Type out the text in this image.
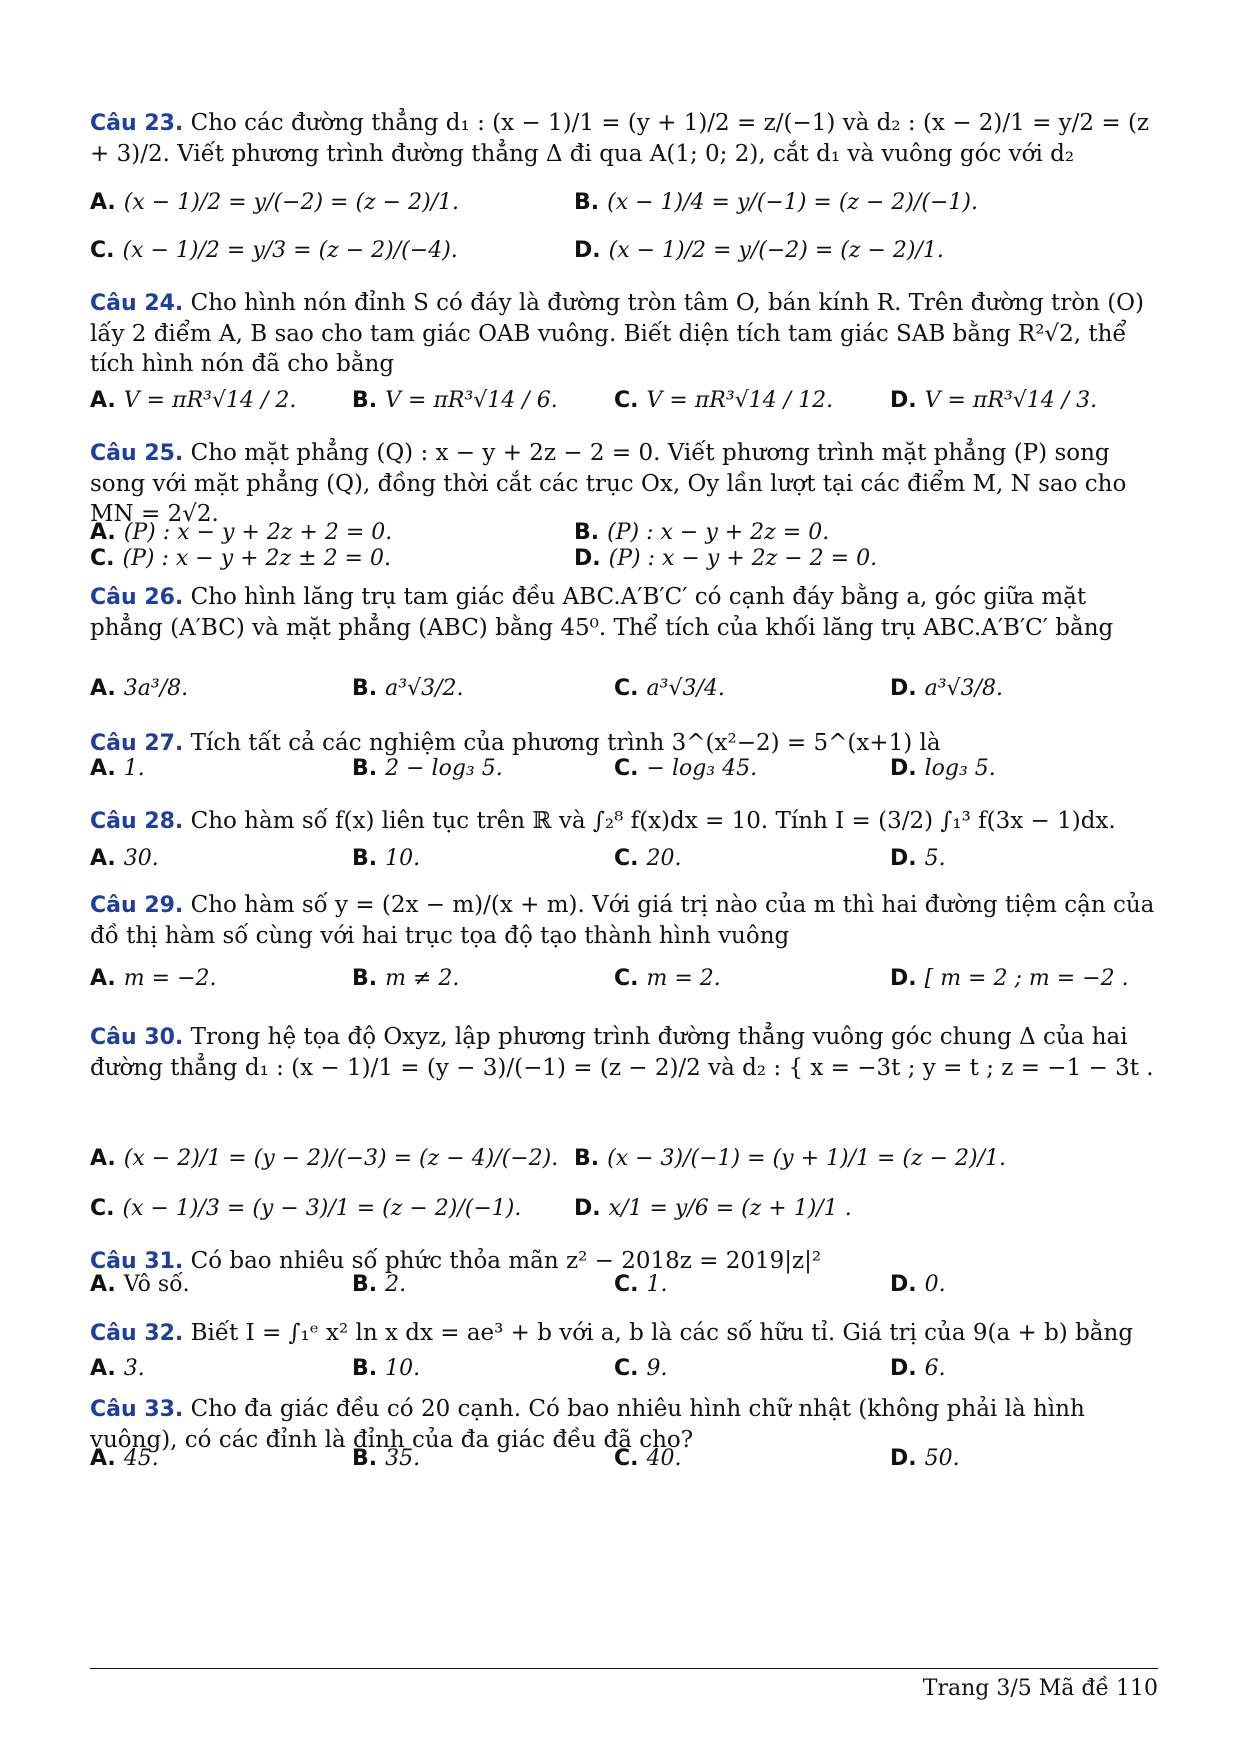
Câu 23. Cho các đường thẳng d₁ : (x − 1)/1 = (y + 1)/2 = z/(−1) và d₂ : (x − 2)/1 = y/2 = (z + 3)/2. Viết phương trình đường thẳng Δ đi qua A(1; 0; 2), cắt d₁ và vuông góc với d₂
A. (x − 1)/2 = y/(−2) = (z − 2)/1.	B. (x − 1)/4 = y/(−1) = (z − 2)/(−1).
C. (x − 1)/2 = y/3 = (z − 2)/(−4).	D. (x − 1)/2 = y/(−2) = (z − 2)/1.
Câu 24. Cho hình nón đỉnh S có đáy là đường tròn tâm O, bán kính R. Trên đường tròn (O) lấy 2 điểm A, B sao cho tam giác OAB vuông. Biết diện tích tam giác SAB bằng R²√2, thể tích hình nón đã cho bằng
A. V = πR³√14 / 2.	B. V = πR³√14 / 6.	C. V = πR³√14 / 12.	D. V = πR³√14 / 3.
Câu 25. Cho mặt phẳng (Q) : x − y + 2z − 2 = 0. Viết phương trình mặt phẳng (P) song song với mặt phẳng (Q), đồng thời cắt các trục Ox, Oy lần lượt tại các điểm M, N sao cho MN = 2√2.
A. (P) : x − y + 2z + 2 = 0.	B. (P) : x − y + 2z = 0.
C. (P) : x − y + 2z ± 2 = 0.	D. (P) : x − y + 2z − 2 = 0.
Câu 26. Cho hình lăng trụ tam giác đều ABC.A′B′C′ có cạnh đáy bằng a, góc giữa mặt phẳng (A′BC) và mặt phẳng (ABC) bằng 45⁰. Thể tích của khối lăng trụ ABC.A′B′C′ bằng
A. 3a³/8.	B. a³√3/2.	C. a³√3/4.	D. a³√3/8.
Câu 27. Tích tất cả các nghiệm của phương trình 3^(x²−2) = 5^(x+1) là
A. 1.	B. 2 − log₃ 5.	C. − log₃ 45.	D. log₃ 5.
Câu 28. Cho hàm số f(x) liên tục trên ℝ và ∫₂⁸ f(x)dx = 10. Tính I = (3/2) ∫₁³ f(3x − 1)dx.
A. 30.	B. 10.	C. 20.	D. 5.
Câu 29. Cho hàm số y = (2x − m)/(x + m). Với giá trị nào của m thì hai đường tiệm cận của đồ thị hàm số cùng với hai trục tọa độ tạo thành hình vuông
A. m = −2.	B. m ≠ 2.	C. m = 2.	D. [ m = 2 ; m = −2 .
Câu 30. Trong hệ tọa độ Oxyz, lập phương trình đường thẳng vuông góc chung Δ của hai đường thẳng d₁ : (x − 1)/1 = (y − 3)/(−1) = (z − 2)/2 và d₂ : { x = −3t ; y = t ; z = −1 − 3t .
A. (x − 2)/1 = (y − 2)/(−3) = (z − 4)/(−2). B. (x − 3)/(−1) = (y + 1)/1 = (z − 2)/1.
C. (x − 1)/3 = (y − 3)/1 = (z − 2)/(−1). D. x/1 = y/6 = (z + 1)/1 .
Câu 31. Có bao nhiêu số phức thỏa mãn z² − 2018z = 2019|z|²
A. Vô số.	B. 2.	C. 1.	D. 0.
Câu 32. Biết I = ∫₁ᵉ x² ln x dx = ae³ + b với a, b là các số hữu tỉ. Giá trị của 9(a + b) bằng
A. 3.	B. 10.	C. 9.	D. 6.
Câu 33. Cho đa giác đều có 20 cạnh. Có bao nhiêu hình chữ nhật (không phải là hình vuông), có các đỉnh là đỉnh của đa giác đều đã cho?
A. 45.	B. 35.	C. 40.	D. 50.
Trang 3/5 Mã đề 110
